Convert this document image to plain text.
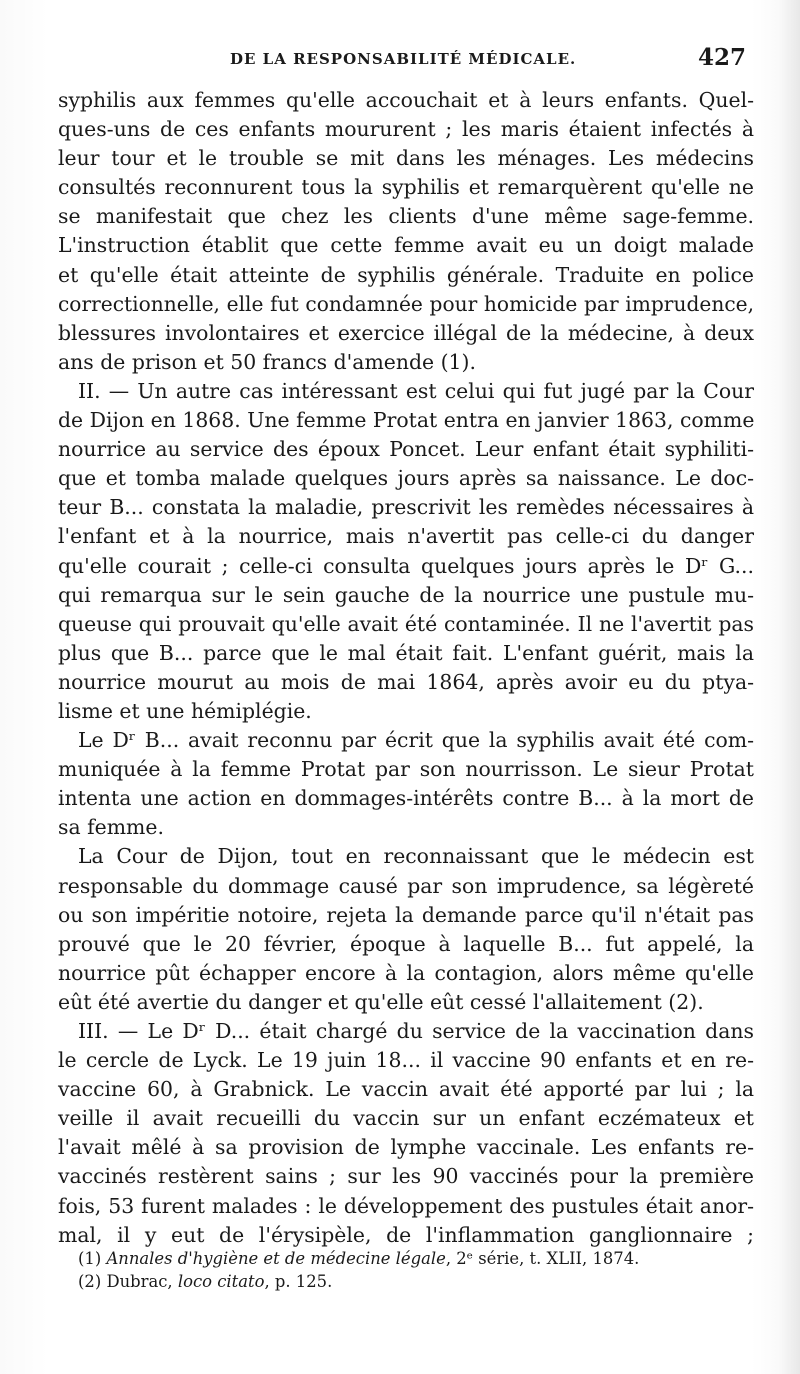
DE LA RESPONSABILITÉ MÉDICALE.	427
syphilis aux femmes qu'elle accouchait et à leurs enfants. Quel-
ques-uns de ces enfants moururent ; les maris étaient infectés à
leur tour et le trouble se mit dans les ménages. Les médecins
consultés reconnurent tous la syphilis et remarquèrent qu'elle ne
se manifestait que chez les clients d'une même sage-femme.
L'instruction établit que cette femme avait eu un doigt malade
et qu'elle était atteinte de syphilis générale. Traduite en police
correctionnelle, elle fut condamnée pour homicide par imprudence,
blessures involontaires et exercice illégal de la médecine, à deux
ans de prison et 50 francs d'amende (1).
II. — Un autre cas intéressant est celui qui fut jugé par la Cour
de Dijon en 1868. Une femme Protat entra en janvier 1863, comme
nourrice au service des époux Poncet. Leur enfant était syphiliti-
que et tomba malade quelques jours après sa naissance. Le doc-
teur B... constata la maladie, prescrivit les remèdes nécessaires à
l'enfant et à la nourrice, mais n'avertit pas celle-ci du danger
qu'elle courait ; celle-ci consulta quelques jours après le Dʳ G...
qui remarqua sur le sein gauche de la nourrice une pustule mu-
queuse qui prouvait qu'elle avait été contaminée. Il ne l'avertit pas
plus que B... parce que le mal était fait. L'enfant guérit, mais la
nourrice mourut au mois de mai 1864, après avoir eu du ptya-
lisme et une hémiplégie.
Le Dʳ B... avait reconnu par écrit que la syphilis avait été com-
muniquée à la femme Protat par son nourrisson. Le sieur Protat
intenta une action en dommages-intérêts contre B... à la mort de
sa femme.
La Cour de Dijon, tout en reconnaissant que le médecin est
responsable du dommage causé par son imprudence, sa légèreté
ou son impéritie notoire, rejeta la demande parce qu'il n'était pas
prouvé que le 20 février, époque à laquelle B... fut appelé, la
nourrice pût échapper encore à la contagion, alors même qu'elle
eût été avertie du danger et qu'elle eût cessé l'allaitement (2).
III. — Le Dʳ D... était chargé du service de la vaccination dans
le cercle de Lyck. Le 19 juin 18... il vaccine 90 enfants et en re-
vaccine 60, à Grabnick. Le vaccin avait été apporté par lui ; la
veille il avait recueilli du vaccin sur un enfant eczémateux et
l'avait mêlé à sa provision de lymphe vaccinale. Les enfants re-
vaccinés restèrent sains ; sur les 90 vaccinés pour la première
fois, 53 furent malades : le développement des pustules était anor-
mal, il y eut de l'érysipèle, de l'inflammation ganglionnaire ;
(1) Annales d'hygiène et de médecine légale, 2ᵉ série, t. XLII, 1874.
(2) Dubrac, loco citato, p. 125.
